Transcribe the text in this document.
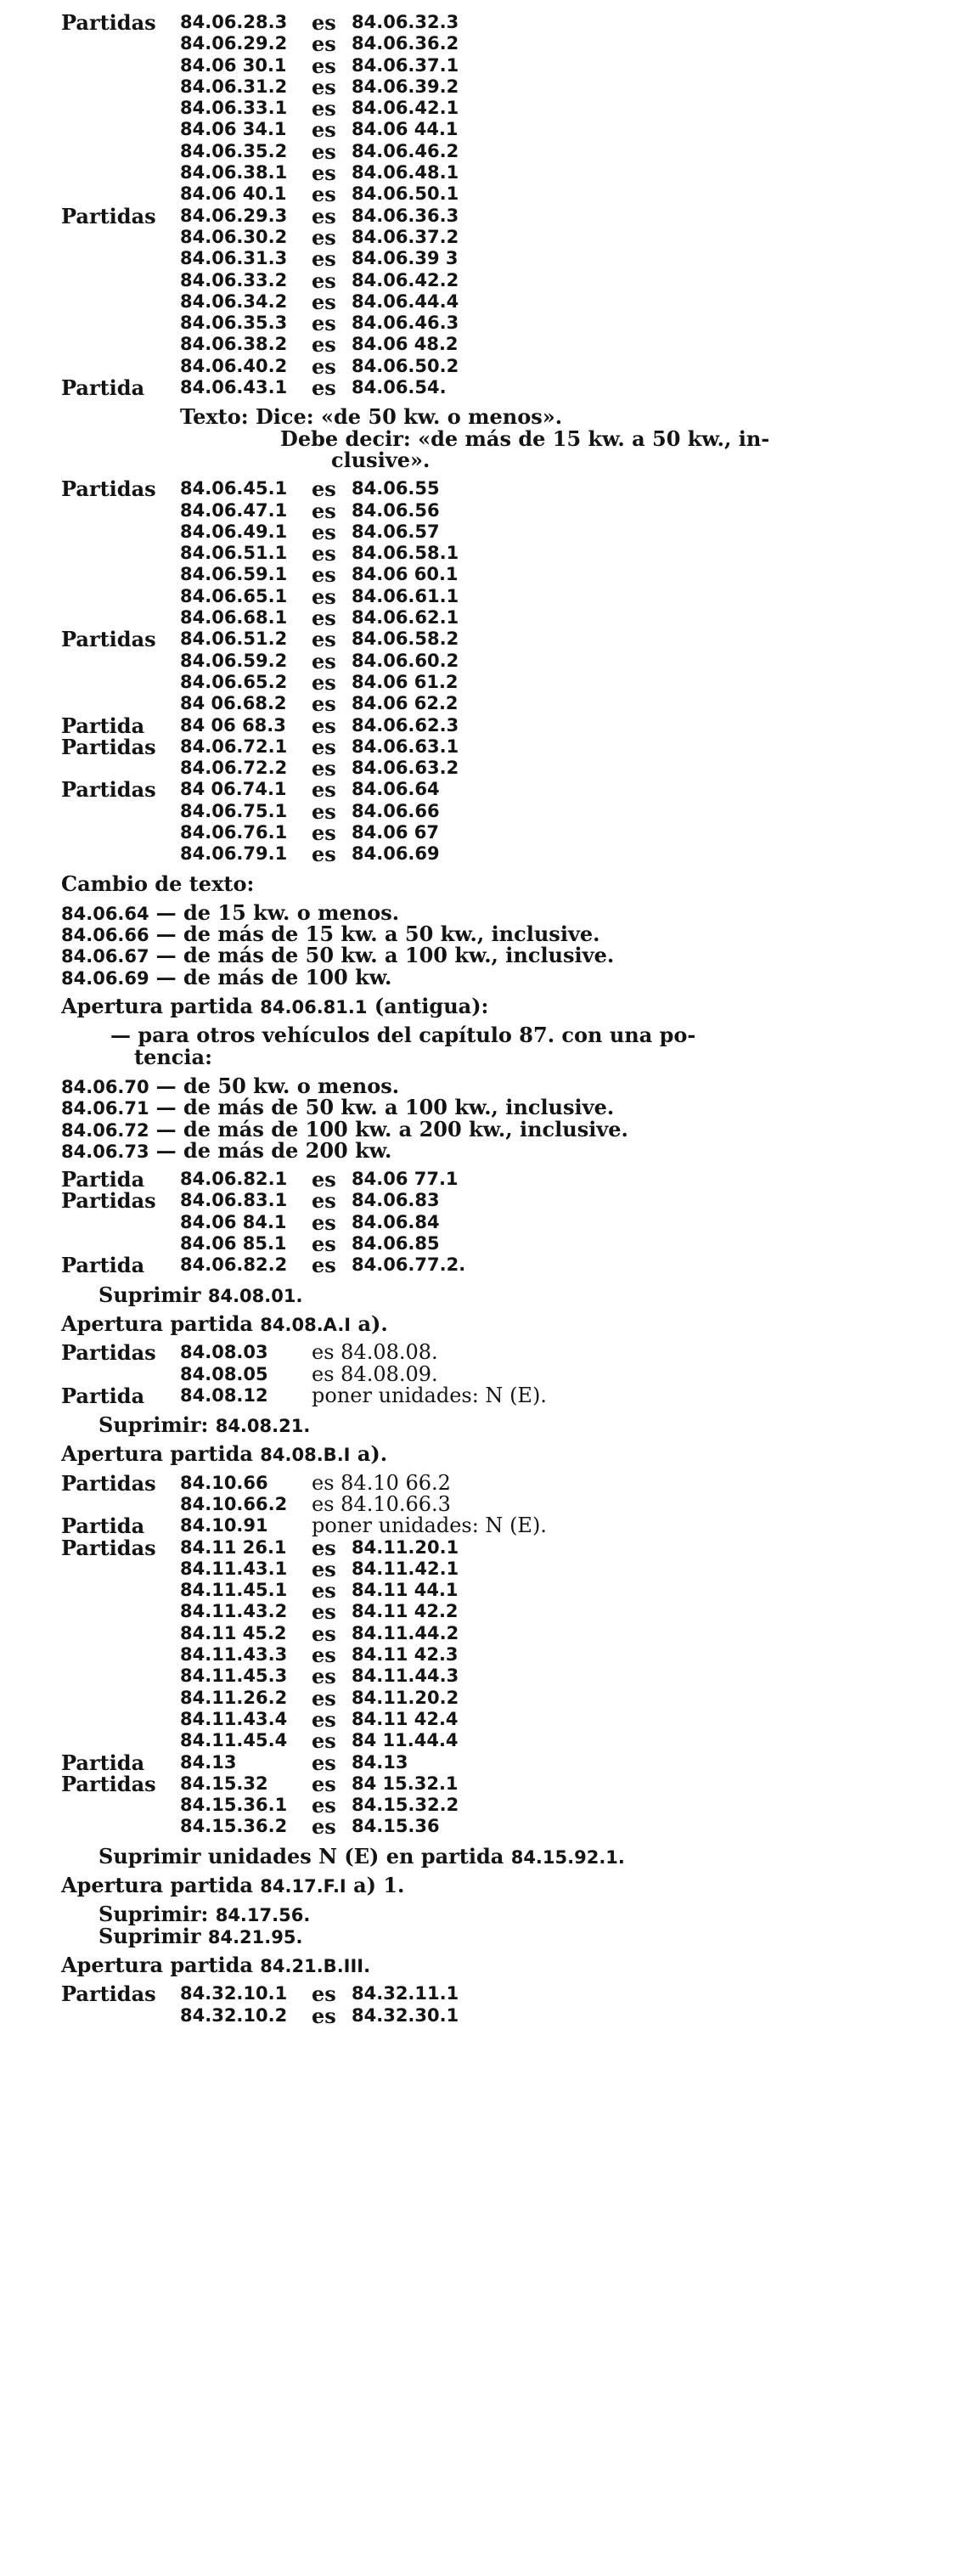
Partidas 84.06.28.3 es 84.06.32.3
84.06.29.2 es 84.06.36.2
84.06 30.1 es 84.06.37.1
84.06.31.2 es 84.06.39.2
84.06.33.1 es 84.06.42.1
84.06 34.1 es 84.06 44.1
84.06.35.2 es 84.06.46.2
84.06.38.1 es 84.06.48.1
84.06 40.1 es 84.06.50.1
Partidas 84.06.29.3 es 84.06.36.3
84.06.30.2 es 84.06.37.2
84.06.31.3 es 84.06.39 3
84.06.33.2 es 84.06.42.2
84.06.34.2 es 84.06.44.4
84.06.35.3 es 84.06.46.3
84.06.38.2 es 84.06 48.2
84.06.40.2 es 84.06.50.2
Partida 84.06.43.1 es 84.06.54.
Texto: Dice: «de 50 kw. o menos».
Debe decir: «de más de 15 kw. a 50 kw., in-
clusive».
Partidas 84.06.45.1 es 84.06.55
84.06.47.1 es 84.06.56
84.06.49.1 es 84.06.57
84.06.51.1 es 84.06.58.1
84.06.59.1 es 84.06 60.1
84.06.65.1 es 84.06.61.1
84.06.68.1 es 84.06.62.1
Partidas 84.06.51.2 es 84.06.58.2
84.06.59.2 es 84.06.60.2
84.06.65.2 es 84.06 61.2
84 06.68.2 es 84.06 62.2
Partida 84 06 68.3 es 84.06.62.3
Partidas 84.06.72.1 es 84.06.63.1
84.06.72.2 es 84.06.63.2
Partidas 84 06.74.1 es 84.06.64
84.06.75.1 es 84.06.66
84.06.76.1 es 84.06 67
84.06.79.1 es 84.06.69
Cambio de texto:
84.06.64 — de 15 kw. o menos.
84.06.66 — de más de 15 kw. a 50 kw., inclusive.
84.06.67 — de más de 50 kw. a 100 kw., inclusive.
84.06.69 — de más de 100 kw.
Apertura partida 84.06.81.1 (antigua):
— para otros vehículos del capítulo 87. con una po-
tencia:
84.06.70 — de 50 kw. o menos.
84.06.71 — de más de 50 kw. a 100 kw., inclusive.
84.06.72 — de más de 100 kw. a 200 kw., inclusive.
84.06.73 — de más de 200 kw.
Partida 84.06.82.1 es 84.06 77.1
Partidas 84.06.83.1 es 84.06.83
84.06 84.1 es 84.06.84
84.06 85.1 es 84.06.85
Partida 84.06.82.2 es 84.06.77.2.
Suprimir 84.08.01.
Apertura partida 84.08.A.I a).
Partidas 84.08.03 es 84.08.08.
84.08.05 es 84.08.09.
Partida 84.08.12 poner unidades: N (E).
Suprimir: 84.08.21.
Apertura partida 84.08.B.I a).
Partidas 84.10.66 es 84.10 66.2
84.10.66.2 es 84.10.66.3
Partida 84.10.91 poner unidades: N (E).
Partidas 84.11 26.1 es 84.11.20.1
84.11.43.1 es 84.11.42.1
84.11.45.1 es 84.11 44.1
84.11.43.2 es 84.11 42.2
84.11 45.2 es 84.11.44.2
84.11.43.3 es 84.11 42.3
84.11.45.3 es 84.11.44.3
84.11.26.2 es 84.11.20.2
84.11.43.4 es 84.11 42.4
84.11.45.4 es 84 11.44.4
Partida 84.13	es 84.13
Partidas 84.15.32 es 84 15.32.1
84.15.36.1 es 84.15.32.2
84.15.36.2 es 84.15.36
Suprimir unidades N (E) en partida 84.15.92.1.
Apertura partida 84.17.F.I a) 1.
Suprimir: 84.17.56.
Suprimir 84.21.95.
Apertura partida 84.21.B.III.
Partidas 84.32.10.1 es 84.32.11.1
84.32.10.2 es 84.32.30.1
